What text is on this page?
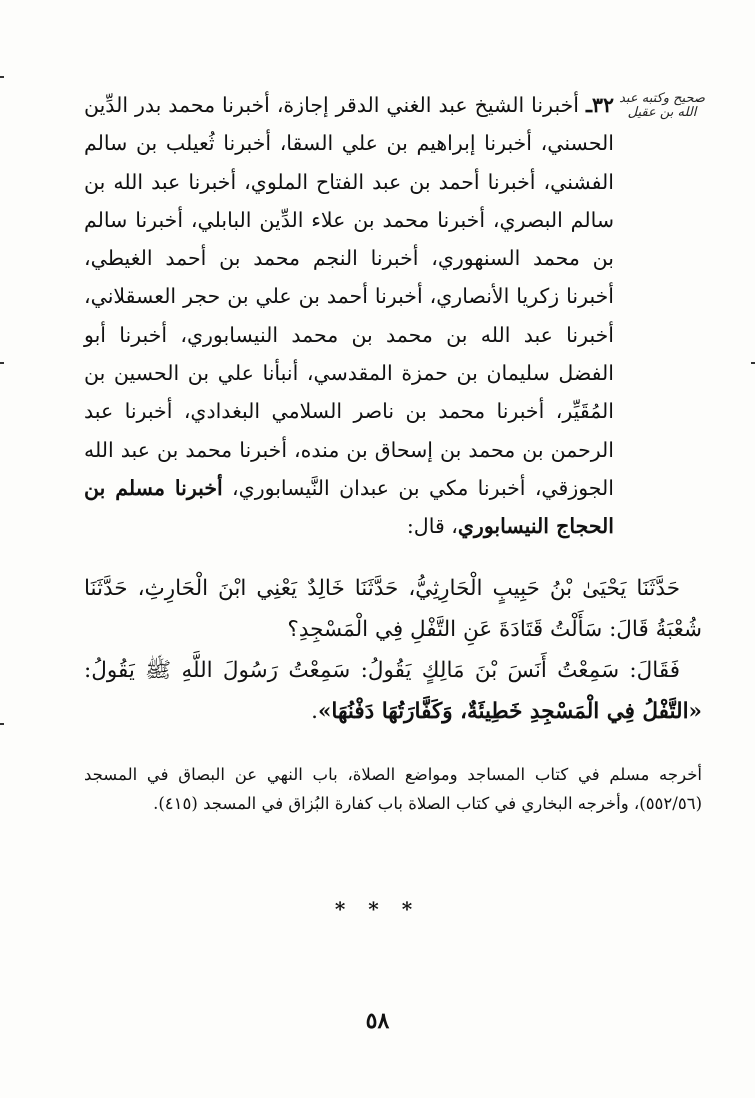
صحيح وكتبه عبد الله بن عقيل
٣٢ـ أخبرنا الشيخ عبد الغني الدقر إجازة، أخبرنا محمد بدر الدِّين الحسني، أخبرنا إبراهيم بن علي السقا، أخبرنا ثُعيلب بن سالم الفشني، أخبرنا أحمد بن عبد الفتاح الملوي، أخبرنا عبد الله بن سالم البصري، أخبرنا محمد بن علاء الدِّين البابلي، أخبرنا سالم بن محمد السنهوري، أخبرنا النجم محمد بن أحمد الغيطي، أخبرنا زكريا الأنصاري، أخبرنا أحمد بن علي بن حجر العسقلاني، أخبرنا عبد الله بن محمد بن محمد النيسابوري، أخبرنا أبو الفضل سليمان بن حمزة المقدسي، أنبأنا علي بن الحسين بن المُقَيِّر، أخبرنا محمد بن ناصر السلامي البغدادي، أخبرنا عبد الرحمن بن محمد بن إسحاق بن منده، أخبرنا محمد بن عبد الله الجوزقي، أخبرنا مكي بن عبدان النَّيسابوري، أخبرنا مسلم بن الحجاج النيسابوري، قال:

حَدَّثَنَا يَحْيَىٰ بْنُ حَبِيبٍ الْحَارِثِيُّ، حَدَّثَنَا خَالِدٌ يَعْنِي ابْنَ الْحَارِثِ، حَدَّثَنَا شُعْبَةُ قَالَ: سَأَلْتُ قَتَادَةَ عَنِ التَّفْلِ فِي الْمَسْجِدِ؟

فَقَالَ: سَمِعْتُ أَنَسَ بْنَ مَالِكٍ يَقُولُ: سَمِعْتُ رَسُولَ اللَّهِ ﷺ يَقُولُ: «التَّفْلُ فِي الْمَسْجِدِ خَطِيئَةٌ، وَكَفَّارَتُهَا دَفْنُهَا».

أخرجه مسلم في كتاب المساجد ومواضع الصلاة، باب النهي عن البصاق في المسجد (٥٥٢/٥٦)، وأخرجه البخاري في كتاب الصلاة باب كفارة البُزاق في المسجد (٤١٥).
* * *
٥٨
